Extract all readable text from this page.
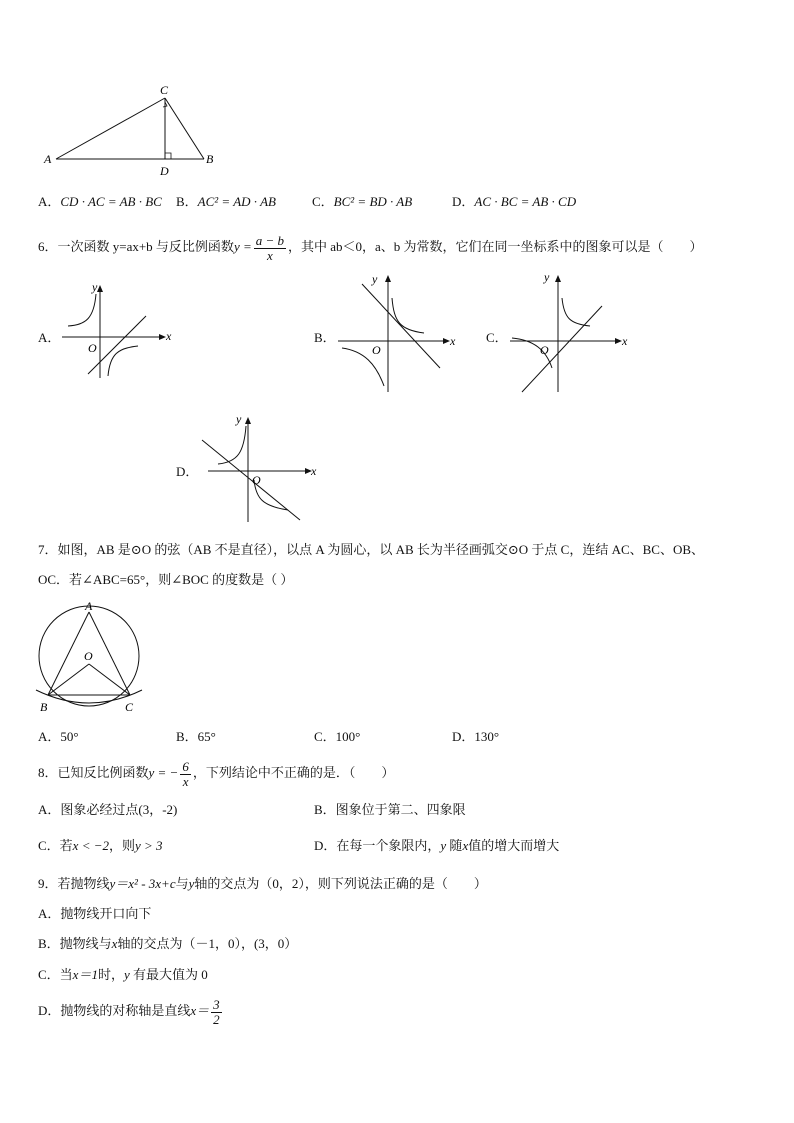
A
C
B
D
A．CD · AC = AB · BC B．AC² = AD · AB	C．BC² = BD · AB	D．AC · BC = AB · CD
6．一次函数 y=ax+b 与反比例函数$y = \frac{a - b}{x}$ ，其中 ab＜0，a、b 为常数，它们在同一坐标系中的图象可以是（　　）
A．	B．	C．
D．
O
x
y
O
x
y
O
x
y
O
x
y
7．如图，AB 是⊙O 的弦（AB 不是直径），以点 A 为圆心，以 AB 长为半径画弧交⊙O 于点 C，连结 AC、BC、OB、
OC．若∠ABC=65°，则∠BOC 的度数是（ ）
A
O
B	C
A．50°	B．65°	C．100°	D．130°
8．已知反比例函数y = − $\frac{6}{x}$ ，下列结论中不正确的是．（　　）
A．图象必经过点(3，-2)	B．图象位于第二、四象限
C．若x < −2，则y > 3	D．在每一个象限内，y 随x值的增大而增大
9．若抛物线y＝x² - 3x+c与y轴的交点为（0，2），则下列说法正确的是（　　）
A．抛物线开口向下
B．抛物线与x轴的交点为（－1，0），(3，0）
C．当x＝1时，y 有最大值为 0
D．抛物线的对称轴是直线$x= \frac{3}{2}$
